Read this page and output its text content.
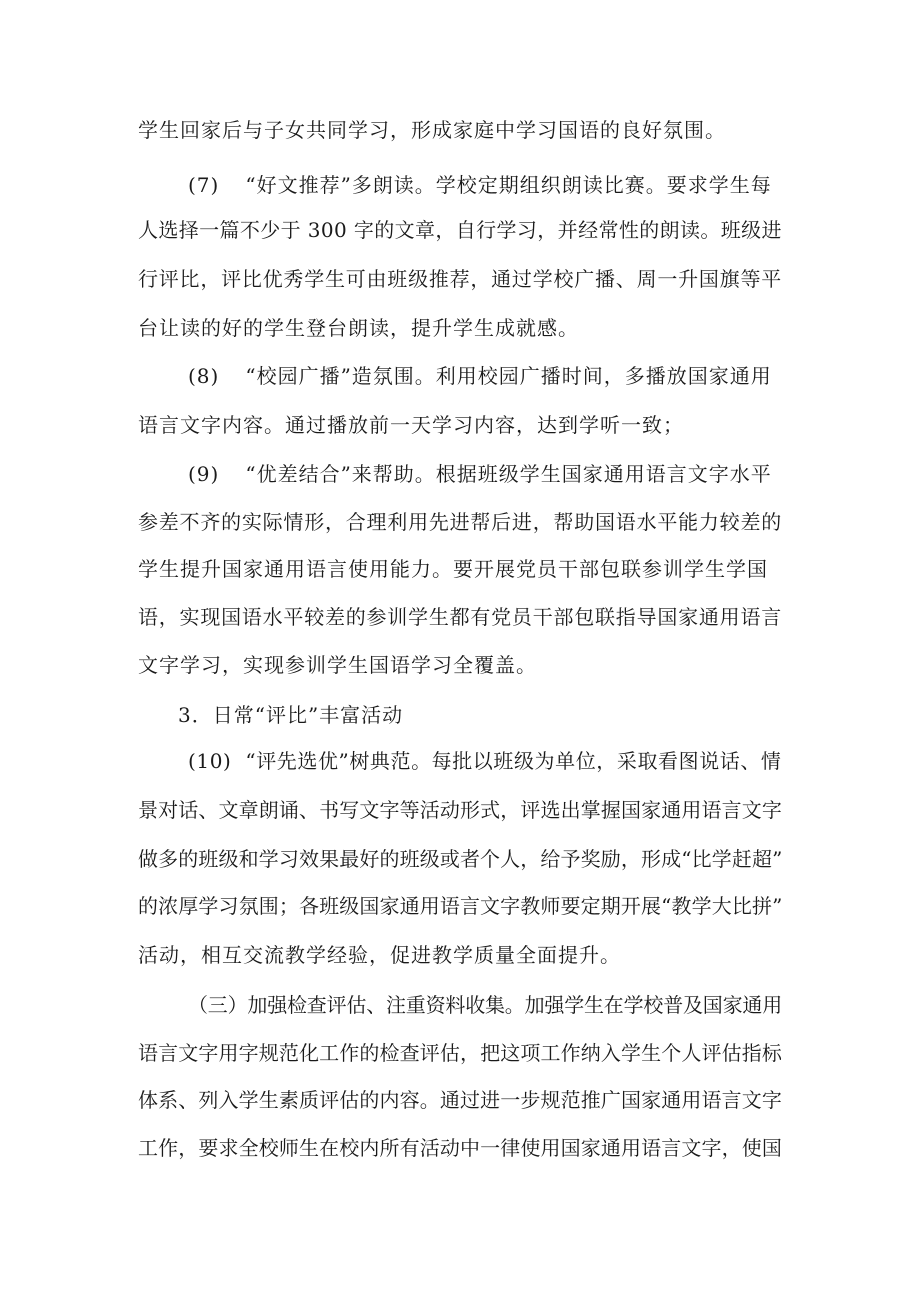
学生回家后与子女共同学习，形成家庭中学习国语的良好氛围。
(7) “好文推荐”多朗读。学校定期组织朗读比赛。要求学生每
人选择一篇不少于 300 字的文章，自行学习，并经常性的朗读。班级进
行评比，评比优秀学生可由班级推荐，通过学校广播、周一升国旗等平
台让读的好的学生登台朗读，提升学生成就感。
(8) “校园广播”造氛围。利用校园广播时间，多播放国家通用
语言文字内容。通过播放前一天学习内容，达到学听一致；
(9) “优差结合”来帮助。根据班级学生国家通用语言文字水平
参差不齐的实际情形，合理利用先进帮后进，帮助国语水平能力较差的
学生提升国家通用语言使用能力。要开展党员干部包联参训学生学国
语，实现国语水平较差的参训学生都有党员干部包联指导国家通用语言
文字学习，实现参训学生国语学习全覆盖。
3．日常“评比”丰富活动
(10) “评先选优”树典范。每批以班级为单位，采取看图说话、情
景对话、文章朗诵、书写文字等活动形式，评选出掌握国家通用语言文字
做多的班级和学习效果最好的班级或者个人，给予奖励，形成“比学赶超”
的浓厚学习氛围；各班级国家通用语言文字教师要定期开展“教学大比拼”
活动，相互交流教学经验，促进教学质量全面提升。
（三）加强检查评估、注重资料收集。加强学生在学校普及国家通用
语言文字用字规范化工作的检查评估，把这项工作纳入学生个人评估指标
体系、列入学生素质评估的内容。通过进一步规范推广国家通用语言文字
工作，要求全校师生在校内所有活动中一律使用国家通用语言文字，使国
